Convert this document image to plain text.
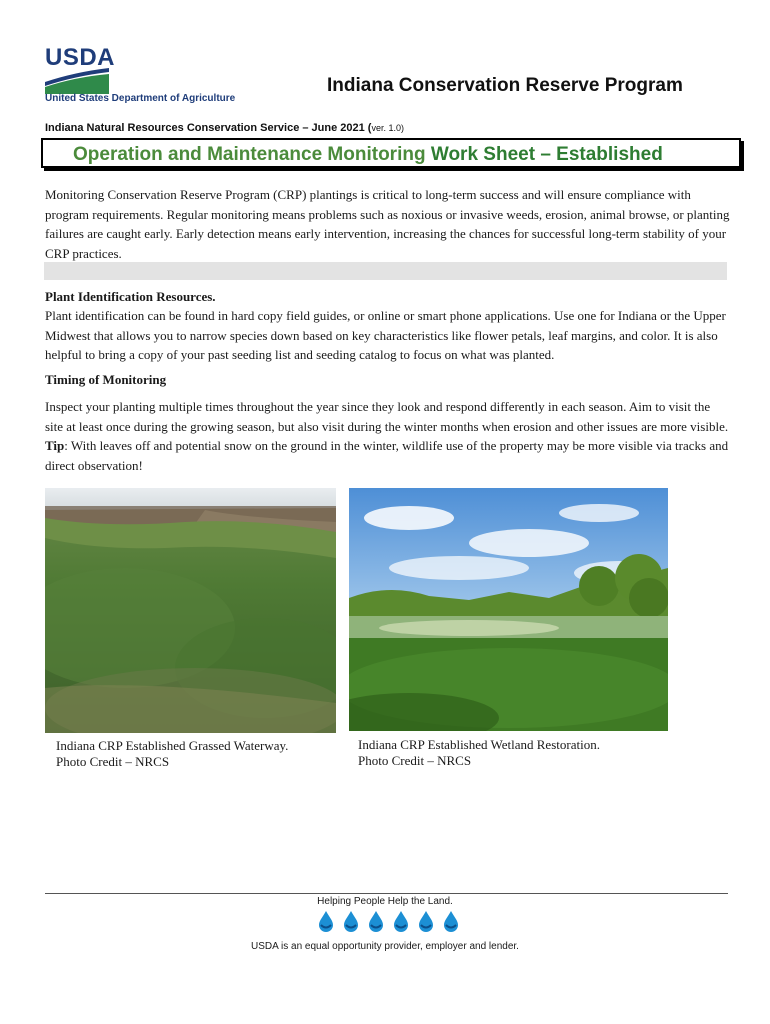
USDA
United States Department of Agriculture
Indiana Conservation Reserve Program
Indiana Natural Resources Conservation Service – June 2021 (ver. 1.0)
Operation and Maintenance Monitoring Work Sheet – Established
Monitoring Conservation Reserve Program (CRP) plantings is critical to long-term success and will ensure compliance with program requirements. Regular monitoring means problems such as noxious or invasive weeds, erosion, animal browse, or planting failures are caught early. Early detection means early intervention, increasing the chances for successful long-term stability of your CRP practices.
Plant Identification Resources.
Plant identification can be found in hard copy field guides, or online or smart phone applications. Use one for Indiana or the Upper Midwest that allows you to narrow species down based on key characteristics like flower petals, leaf margins, and color. It is also helpful to bring a copy of your past seeding list and seeding catalog to focus on what was planted.
Timing of Monitoring
Inspect your planting multiple times throughout the year since they look and respond differently in each season. Aim to visit the site at least once during the growing season, but also visit during the winter months when erosion and other issues are more visible. Tip: With leaves off and potential snow on the ground in the winter, wildlife use of the property may be more visible via tracks and direct observation!
Indiana CRP Established Grassed Waterway.
Photo Credit – NRCS
Indiana CRP Established Wetland Restoration.
Photo Credit – NRCS
Helping People Help the Land.
USDA is an equal opportunity provider, employer and lender.
